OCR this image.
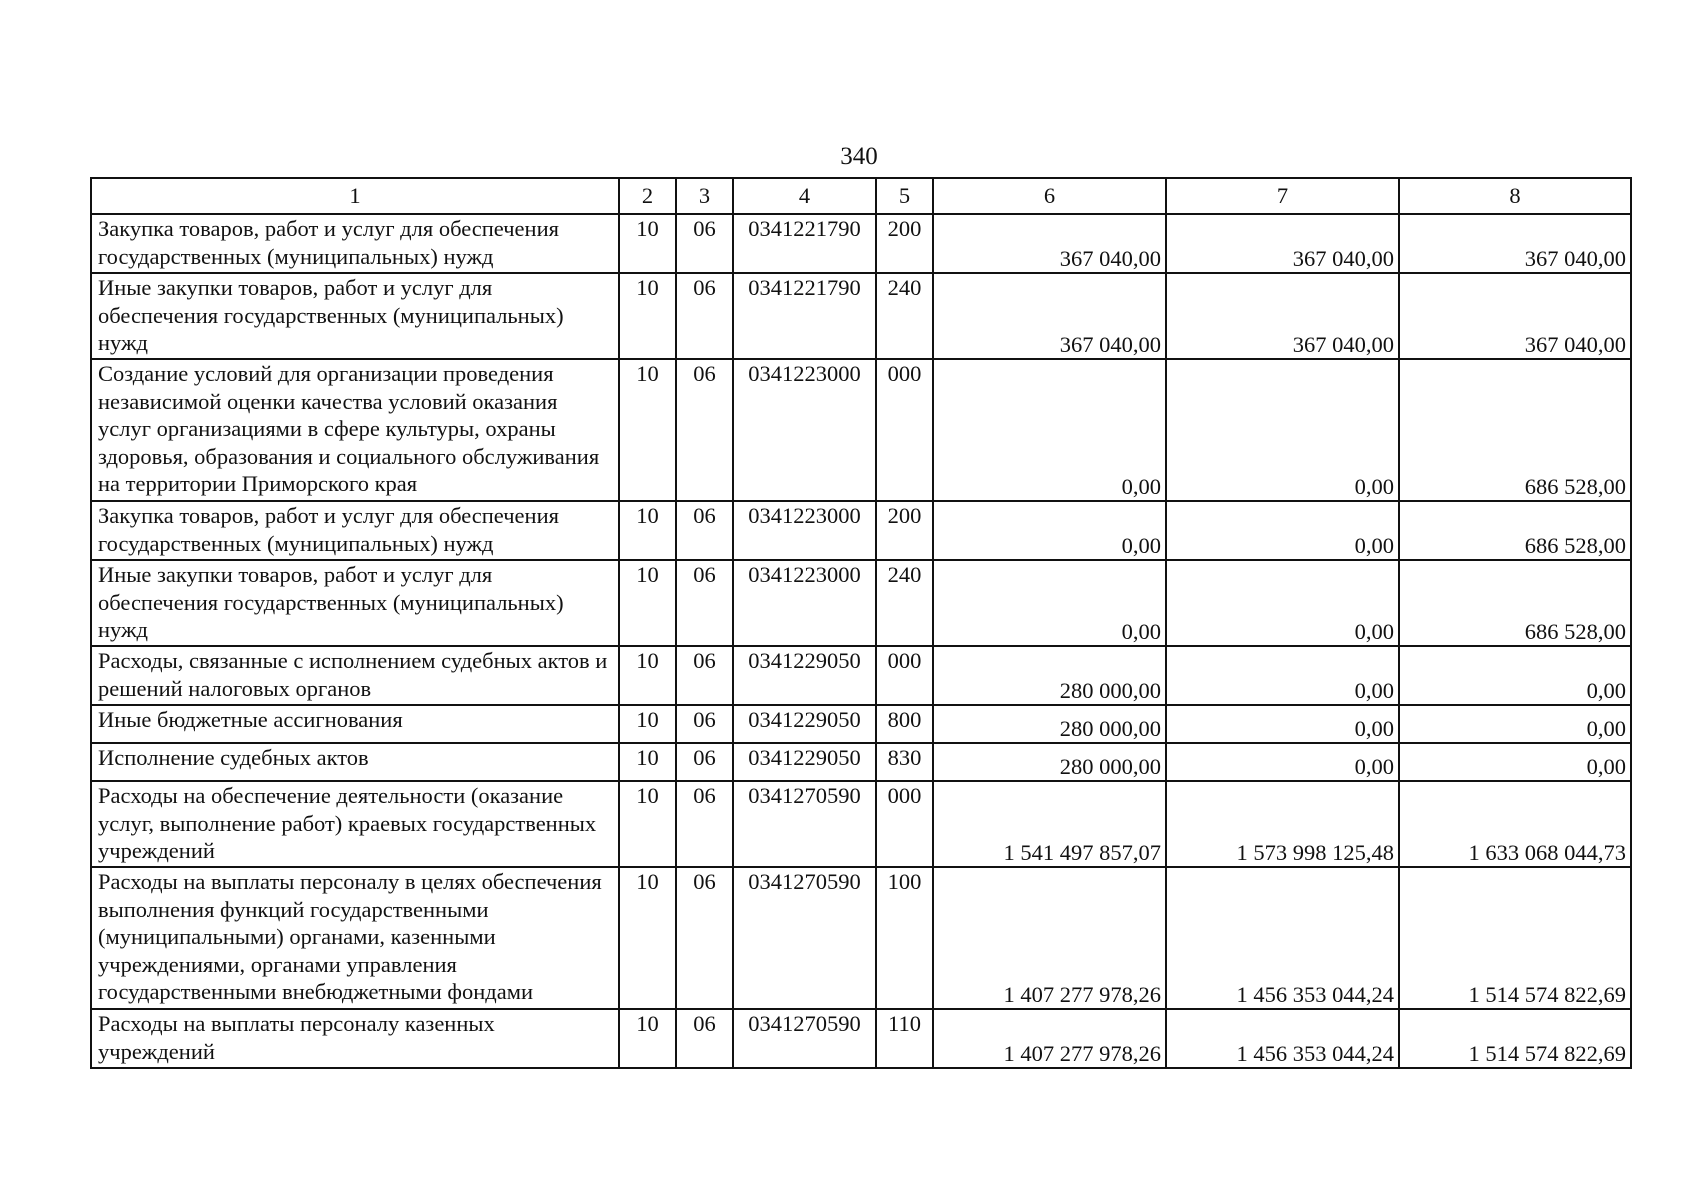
340
1	2	3	4	5	6	7	8
Закупка товаров, работ и услуг для обеспечения государственных (муниципальных) нужд	10	06	0341221790	200	367 040,00	367 040,00	367 040,00
Иные закупки товаров, работ и услуг для обеспечения государственных (муниципальных) нужд	10	06	0341221790	240	367 040,00	367 040,00	367 040,00
Создание условий для организации проведения независимой оценки качества условий оказания услуг организациями в сфере культуры, охраны здоровья, образования и социального обслуживания на территории Приморского края	10	06	0341223000	000	0,00	0,00	686 528,00
Закупка товаров, работ и услуг для обеспечения государственных (муниципальных) нужд	10	06	0341223000	200	0,00	0,00	686 528,00
Иные закупки товаров, работ и услуг для обеспечения государственных (муниципальных) нужд	10	06	0341223000	240	0,00	0,00	686 528,00
Расходы, связанные с исполнением судебных актов и решений налоговых органов	10	06	0341229050	000	280 000,00	0,00	0,00
Иные бюджетные ассигнования	10	06	0341229050	800	280 000,00	0,00	0,00
Исполнение судебных актов	10	06	0341229050	830	280 000,00	0,00	0,00
Расходы на обеспечение деятельности (оказание услуг, выполнение работ) краевых государственных учреждений	10	06	0341270590	000	1 541 497 857,07	1 573 998 125,48	1 633 068 044,73
Расходы на выплаты персоналу в целях обеспечения выполнения функций государственными (муниципальными) органами, казенными учреждениями, органами управления государственными внебюджетными фондами	10	06	0341270590	100	1 407 277 978,26	1 456 353 044,24	1 514 574 822,69
Расходы на выплаты персоналу казенных учреждений	10	06	0341270590	110	1 407 277 978,26	1 456 353 044,24	1 514 574 822,69
